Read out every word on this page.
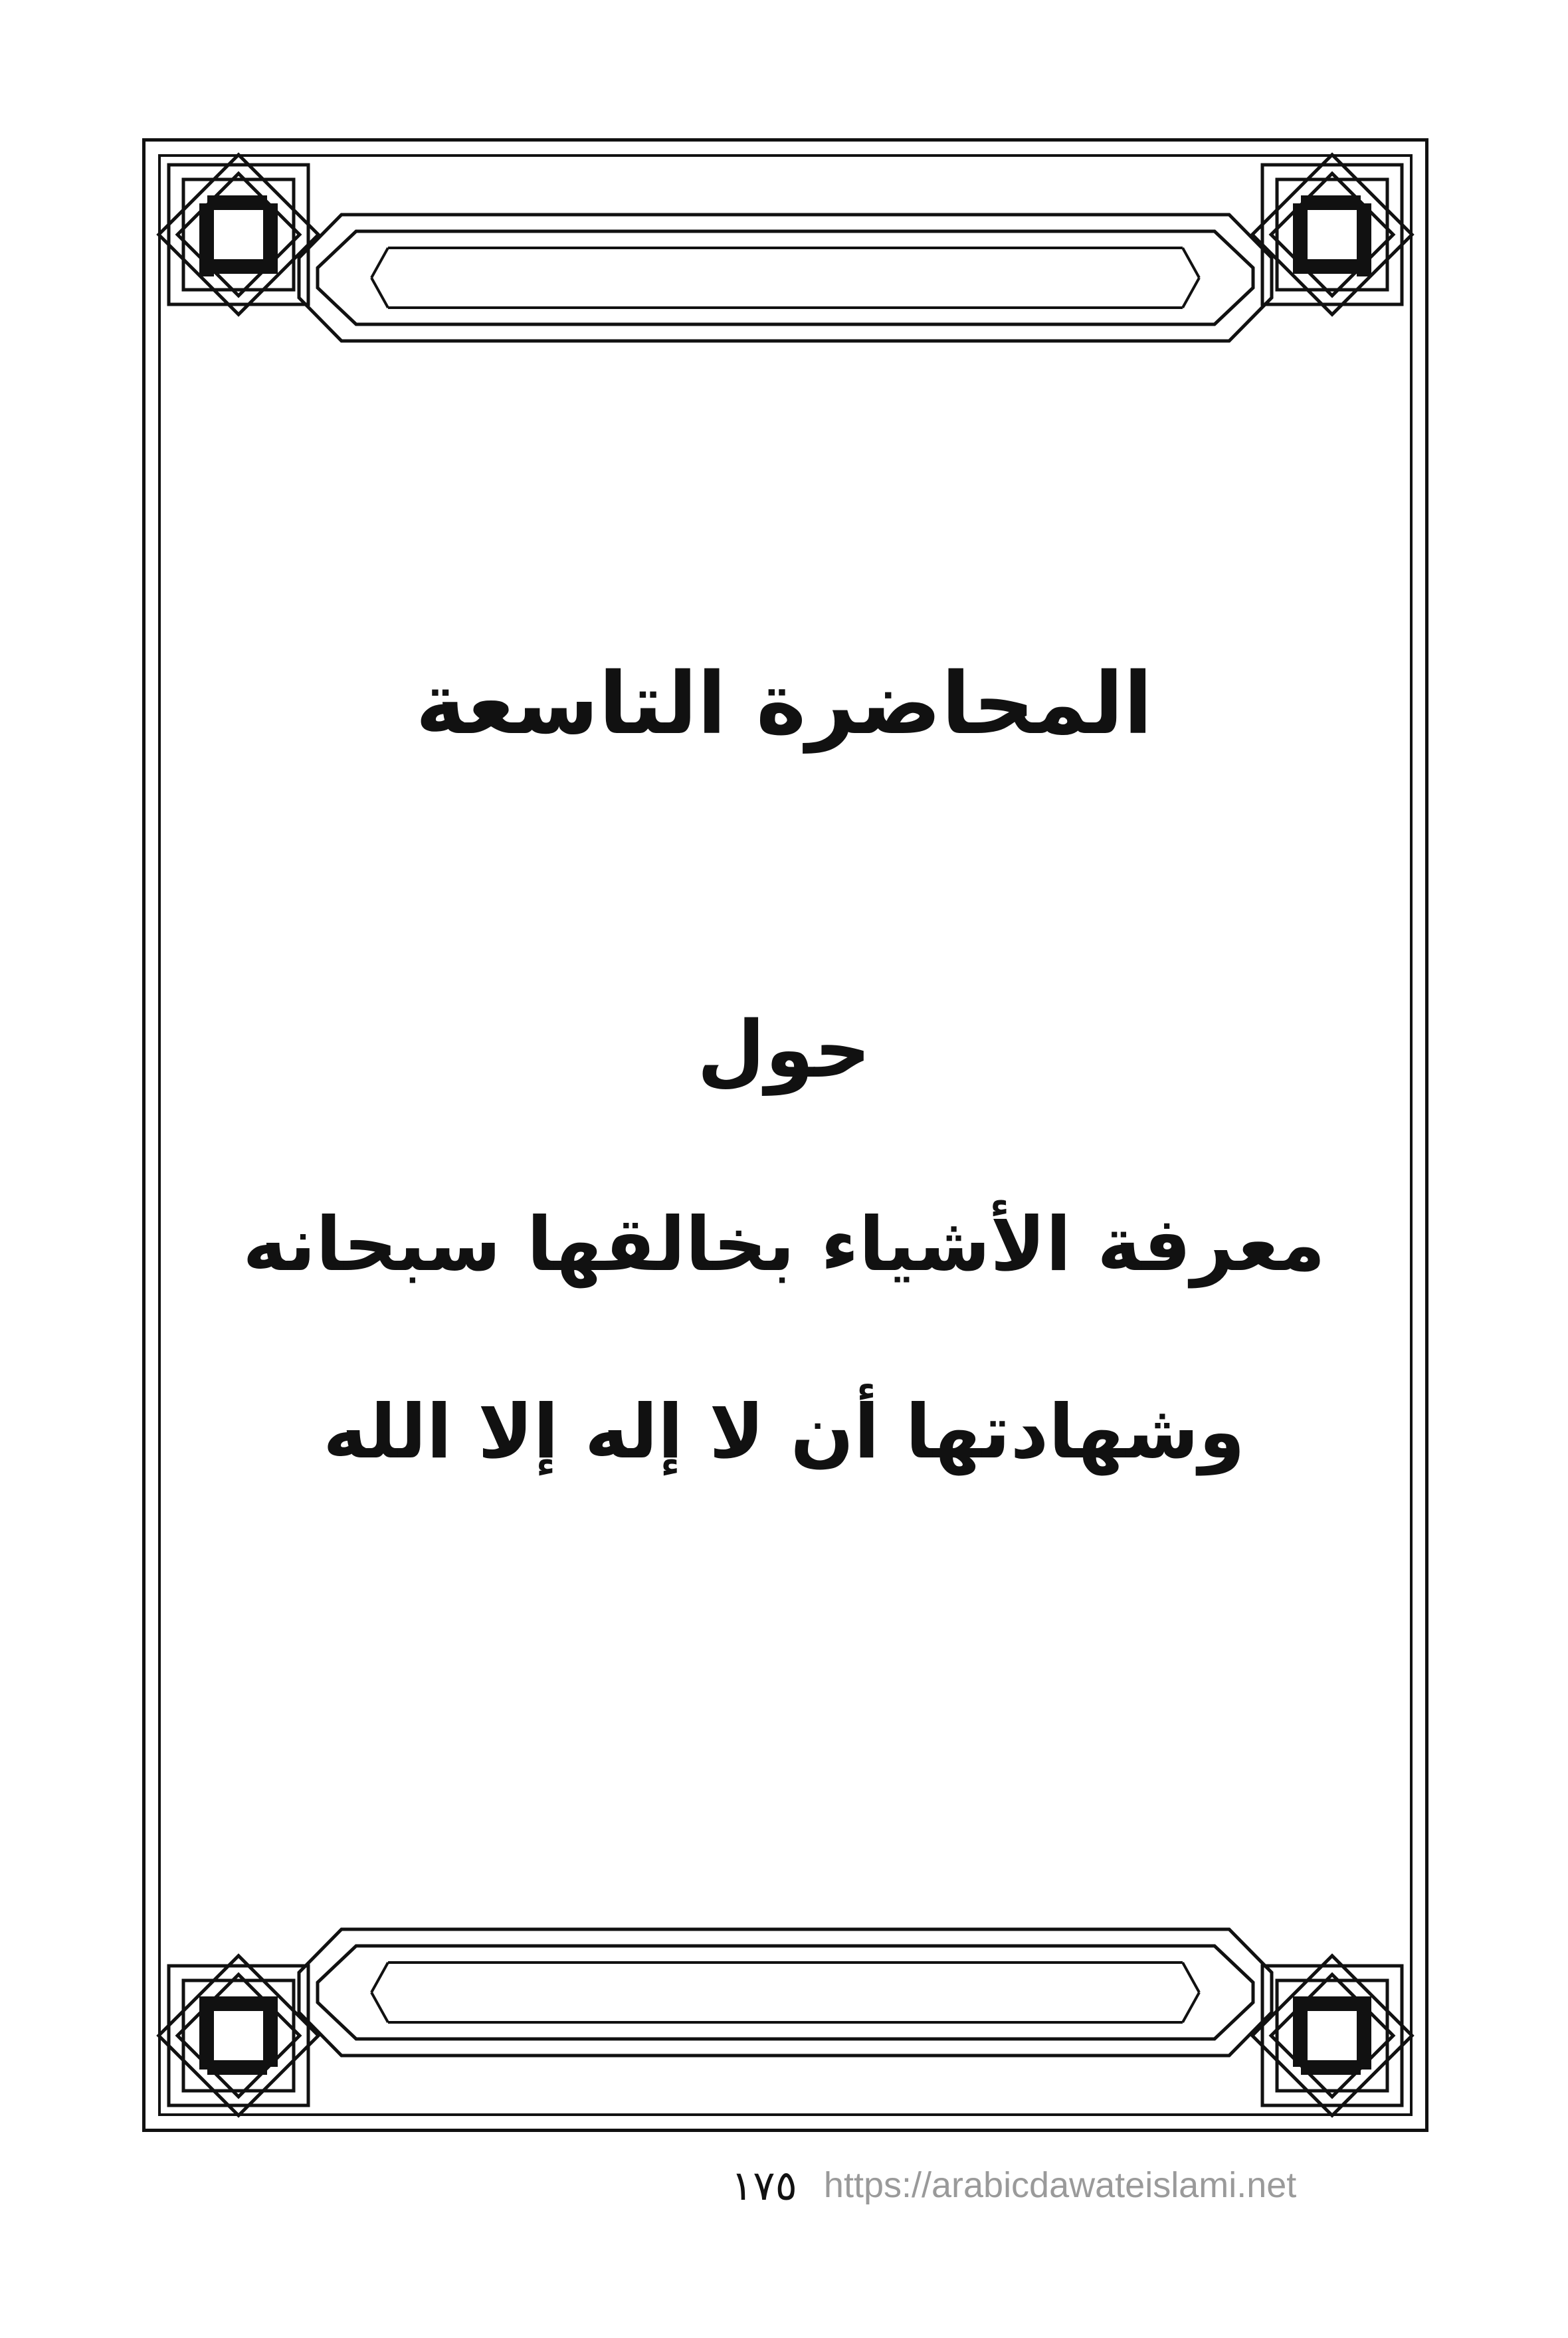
المحاضرة التاسعة
حول
معرفة الأشياء بخالقها سبحانه
وشهادتها أن لا إله إلا الله
١٧٥ https://arabicdawateislami.net
